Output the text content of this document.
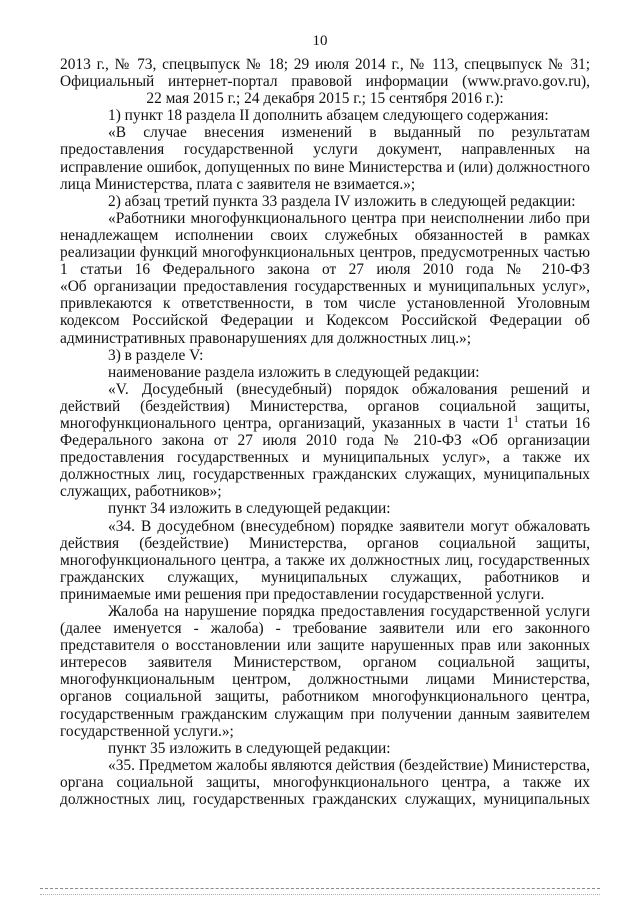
10
2013 г., № 73, спецвыпуск № 18; 29 июля 2014 г., № 113, спецвыпуск № 31;
Официальный интернет-портал правовой информации (www.pravo.gov.ru),
22 мая 2015 г.; 24 декабря 2015 г.; 15 сентября 2016 г.):
1) пункт 18 раздела II дополнить абзацем следующего содержания:
«В случае внесения изменений в выданный по результатам
предоставления государственной услуги документ, направленных на
исправление ошибок, допущенных по вине Министерства и (или) должностного
лица Министерства, плата с заявителя не взимается.»;
2) абзац третий пункта 33 раздела IV изложить в следующей редакции:
«Работники многофункционального центра при неисполнении либо при
ненадлежащем исполнении своих служебных обязанностей в рамках
реализации функций многофункциональных центров, предусмотренных частью
1 статьи 16 Федерального закона от 27 июля 2010 года № 210-ФЗ
«Об организации предоставления государственных и муниципальных услуг»,
привлекаются к ответственности, в том числе установленной Уголовным
кодексом Российской Федерации и Кодексом Российской Федерации об
административных правонарушениях для должностных лиц.»;
3) в разделе V:
наименование раздела изложить в следующей редакции:
«V. Досудебный (внесудебный) порядок обжалования решений и
действий (бездействия) Министерства, органов социальной защиты,
многофункционального центра, организаций, указанных в части $1^1$ статьи 16
Федерального закона от 27 июля 2010 года № 210-ФЗ «Об организации
предоставления государственных и муниципальных услуг», а также их
должностных лиц, государственных гражданских служащих, муниципальных
служащих, работников»;
пункт 34 изложить в следующей редакции:
«34. В досудебном (внесудебном) порядке заявители могут обжаловать
действия (бездействие) Министерства, органов социальной защиты,
многофункционального центра, а также их должностных лиц, государственных
гражданских служащих, муниципальных служащих, работников и
принимаемые ими решения при предоставлении государственной услуги.
Жалоба на нарушение порядка предоставления государственной услуги
(далее именуется - жалоба) - требование заявители или его законного
представителя о восстановлении или защите нарушенных прав или законных
интересов заявителя Министерством, органом социальной защиты,
многофункциональным центром, должностными лицами Министерства,
органов социальной защиты, работником многофункционального центра,
государственным гражданским служащим при получении данным заявителем
государственной услуги.»;
пункт 35 изложить в следующей редакции:
«35. Предметом жалобы являются действия (бездействие) Министерства,
органа социальной защиты, многофункционального центра, а также их
должностных лиц, государственных гражданских служащих, муниципальных
